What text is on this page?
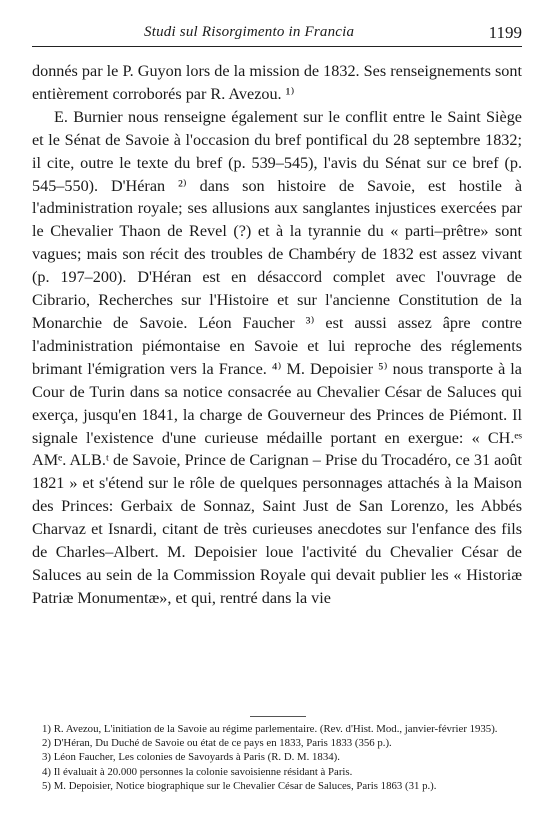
Studi sul Risorgimento in Francia	1199

donnés par le P. Guyon lors de la mission de 1832. Ses renseignements sont entièrement corroborés par R. Avezou. ¹⁾

E. Burnier nous renseigne également sur le conflit entre le Saint Siège et le Sénat de Savoie à l'occasion du bref pontifical du 28 septembre 1832; il cite, outre le texte du bref (p. 539–545), l'avis du Sénat sur ce bref (p. 545–550). D'Héran ²⁾ dans son histoire de Savoie, est hostile à l'administration royale; ses allusions aux sanglantes injustices exercées par le Chevalier Thaon de Revel (?) et à la tyrannie du « parti–prêtre» sont vagues; mais son récit des troubles de Chambéry de 1832 est assez vivant (p. 197–200). D'Héran est en désaccord complet avec l'ouvrage de Cibrario, Recherches sur l'Histoire et sur l'ancienne Constitution de la Monarchie de Savoie. Léon Faucher ³⁾ est aussi assez âpre contre l'administration piémontaise en Savoie et lui reproche des réglements brimant l'émigration vers la France. ⁴⁾ M. Depoisier ⁵⁾ nous transporte à la Cour de Turin dans sa notice consacrée au Chevalier César de Saluces qui exerça, jusqu'en 1841, la charge de Gouverneur des Princes de Piémont. Il signale l'existence d'une curieuse médaille portant en exergue: « CH.ᵉˢ AMᵉ. ALB.ᵗ de Savoie, Prince de Carignan – Prise du Trocadéro, ce 31 août 1821 » et s'étend sur le rôle de quelques personnages attachés à la Maison des Princes: Gerbaix de Sonnaz, Saint Just de San Lorenzo, les Abbés Charvaz et Isnardi, citant de très curieuses anecdotes sur l'enfance des fils de Charles–Albert. M. Depoisier loue l'activité du Chevalier César de Saluces au sein de la Commission Royale qui devait publier les « Historiæ Patriæ Monumentæ», et qui, rentré dans la vie

1) R. Avezou, L'initiation de la Savoie au régime parlementaire. (Rev. d'Hist. Mod., janvier-février 1935).

2) D'Héran, Du Duché de Savoie ou état de ce pays en 1833, Paris 1833 (356 p.).

3) Léon Faucher, Les colonies de Savoyards à Paris (R. D. M. 1834).

4) Il évaluait à 20.000 personnes la colonie savoisienne résidant à Paris.

5) M. Depoisier, Notice biographique sur le Chevalier César de Saluces, Paris 1863 (31 p.).
